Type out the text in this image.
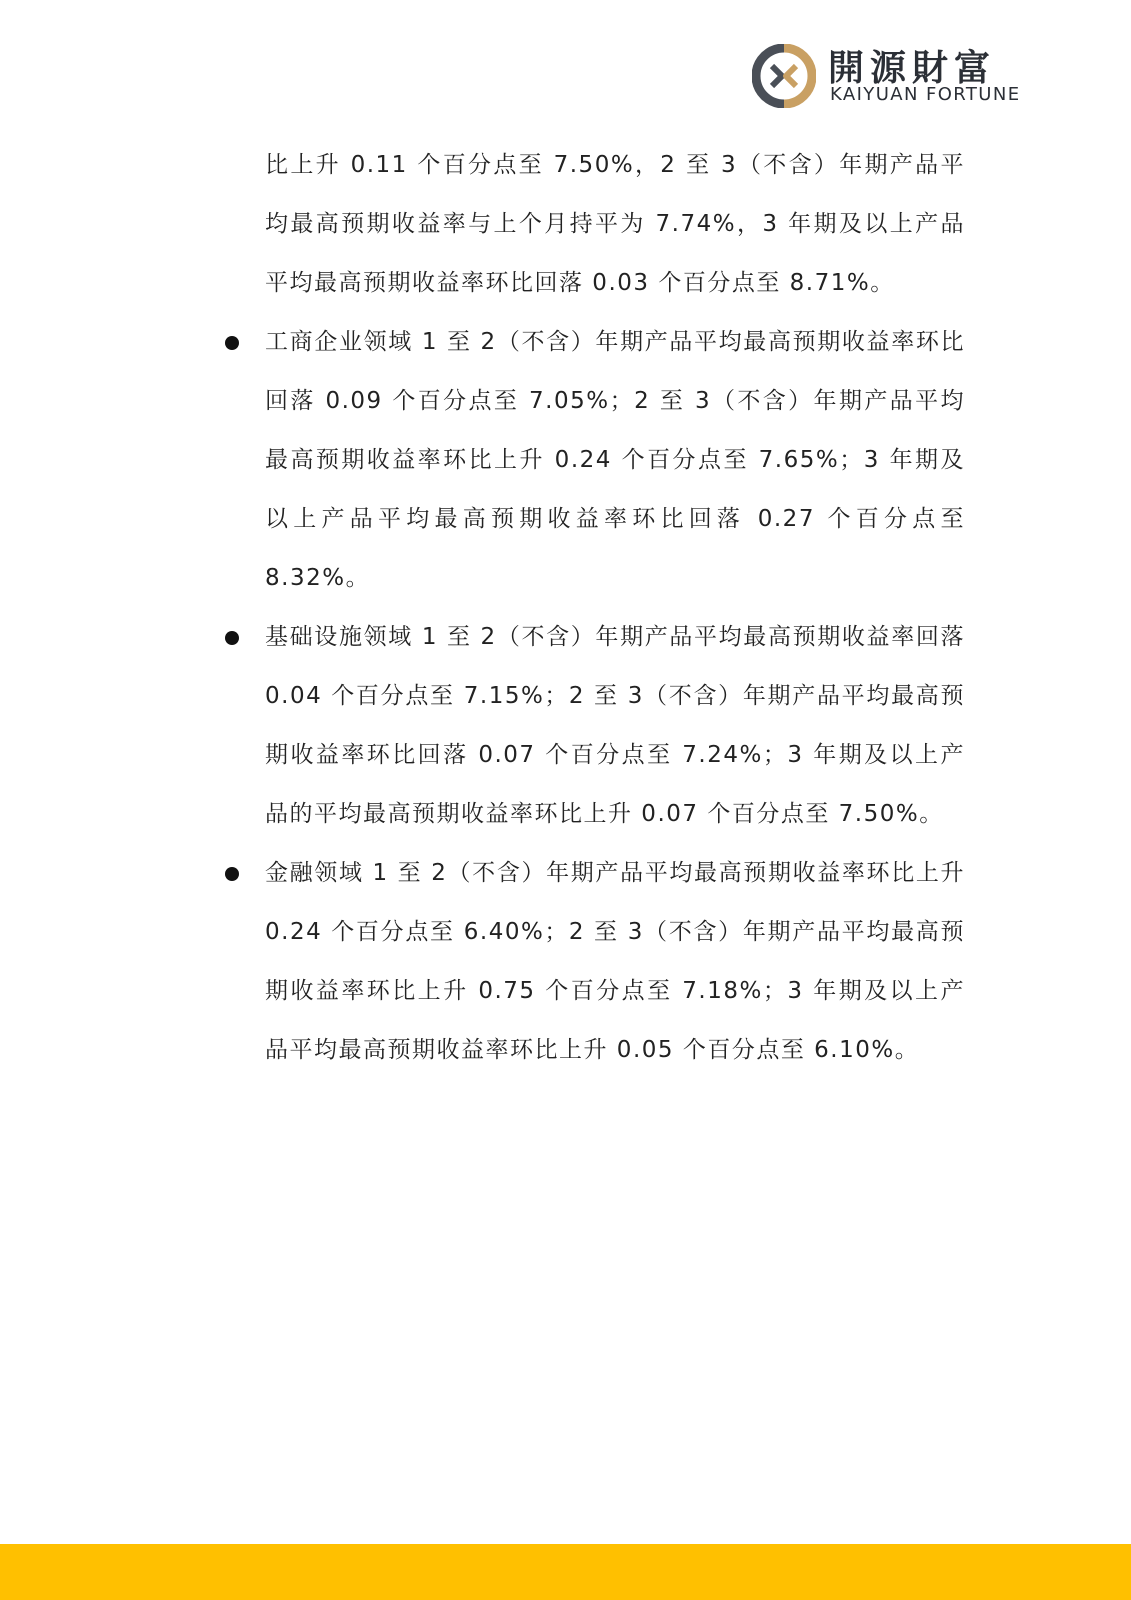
開源財富
KAIYUAN FORTUNE

比上升 0.11 个百分点至 7.50%，2 至 3（不含）年期产品平均最高预期收益率与上个月持平为 7.74%，3 年期及以上产品平均最高预期收益率环比回落 0.03 个百分点至 8.71%。

工商企业领域 1 至 2（不含）年期产品平均最高预期收益率环比回落 0.09 个百分点至 7.05%；2 至 3（不含）年期产品平均最高预期收益率环比上升 0.24 个百分点至 7.65%；3 年期及以上产品平均最高预期收益率环比回落 0.27 个百分点至 8.32%。

基础设施领域 1 至 2（不含）年期产品平均最高预期收益率回落 0.04 个百分点至 7.15%；2 至 3（不含）年期产品平均最高预期收益率环比回落 0.07 个百分点至 7.24%；3 年期及以上产品的平均最高预期收益率环比上升 0.07 个百分点至 7.50%。

金融领域 1 至 2（不含）年期产品平均最高预期收益率环比上升 0.24 个百分点至 6.40%；2 至 3（不含）年期产品平均最高预期收益率环比上升 0.75 个百分点至 7.18%；3 年期及以上产品平均最高预期收益率环比上升 0.05 个百分点至 6.10%。
